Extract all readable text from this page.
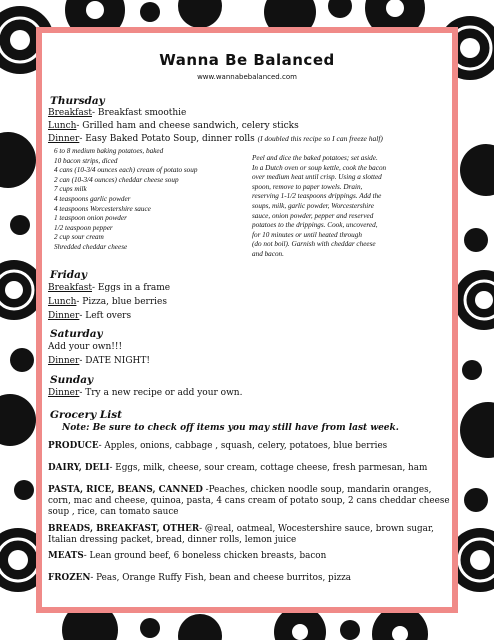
Wanna Be Balanced
www.wannabebalanced.com
Thursday
Breakfast- Breakfast smoothie
Lunch- Grilled ham and cheese sandwich, celery sticks
Dinner- Easy Baked Potato Soup, dinner rolls (I doubled this recipe so I can freeze half)
6 to 8 medium baking potatoes, baked
10 bacon strips, diced
4 cans (10-3/4 ounces each) cream of potato soup
2 can (10-3/4 ounces) cheddar cheese soup
7 cups milk
4 teaspoons garlic powder
4 teaspoons Worcestershire sauce
1 teaspoon onion powder
1/2 teaspoon pepper
2 cup sour cream
Shredded cheddar cheese
Peel and dice the baked potatoes; set aside.
In a Dutch oven or soup kettle, cook the bacon
over medium heat until crisp. Using a slotted
spoon, remove to paper towels. Drain,
reserving 1-1/2 teaspoons drippings. Add the
soups, milk, garlic powder, Worcestershire
sauce, onion powder, pepper and reserved
potatoes to the drippings. Cook, uncovered,
for 10 minutes or until heated through
(do not boil). Garnish with cheddar cheese
and bacon.
Friday
Breakfast- Eggs in a frame
Lunch- Pizza, blue berries
Dinner- Left overs
Saturday
Add your own!!!
Dinner- DATE NIGHT!
Sunday
Dinner- Try a new recipe or add your own.
Grocery List
Note: Be sure to check off items you may still have from last week.
PRODUCE- Apples, onions, cabbage , squash, celery, potatoes, blue berries
DAIRY, DELI- Eggs, milk, cheese, sour cream, cottage cheese, fresh parmesan, ham
PASTA, RICE, BEANS, CANNED -Peaches, chicken noodle soup, mandarin oranges, corn, mac and cheese, quinoa, pasta, 4 cans cream of potato soup, 2 cans cheddar cheese soup , rice, can tomato sauce
BREADS, BREAKFAST, OTHER- @real, oatmeal, Wocestershire sauce, brown sugar, Italian dressing packet, bread, dinner rolls, lemon juice
MEATS- Lean ground beef, 6 boneless chicken breasts, bacon
FROZEN- Peas, Orange Ruffy Fish, bean and cheese burritos, pizza
